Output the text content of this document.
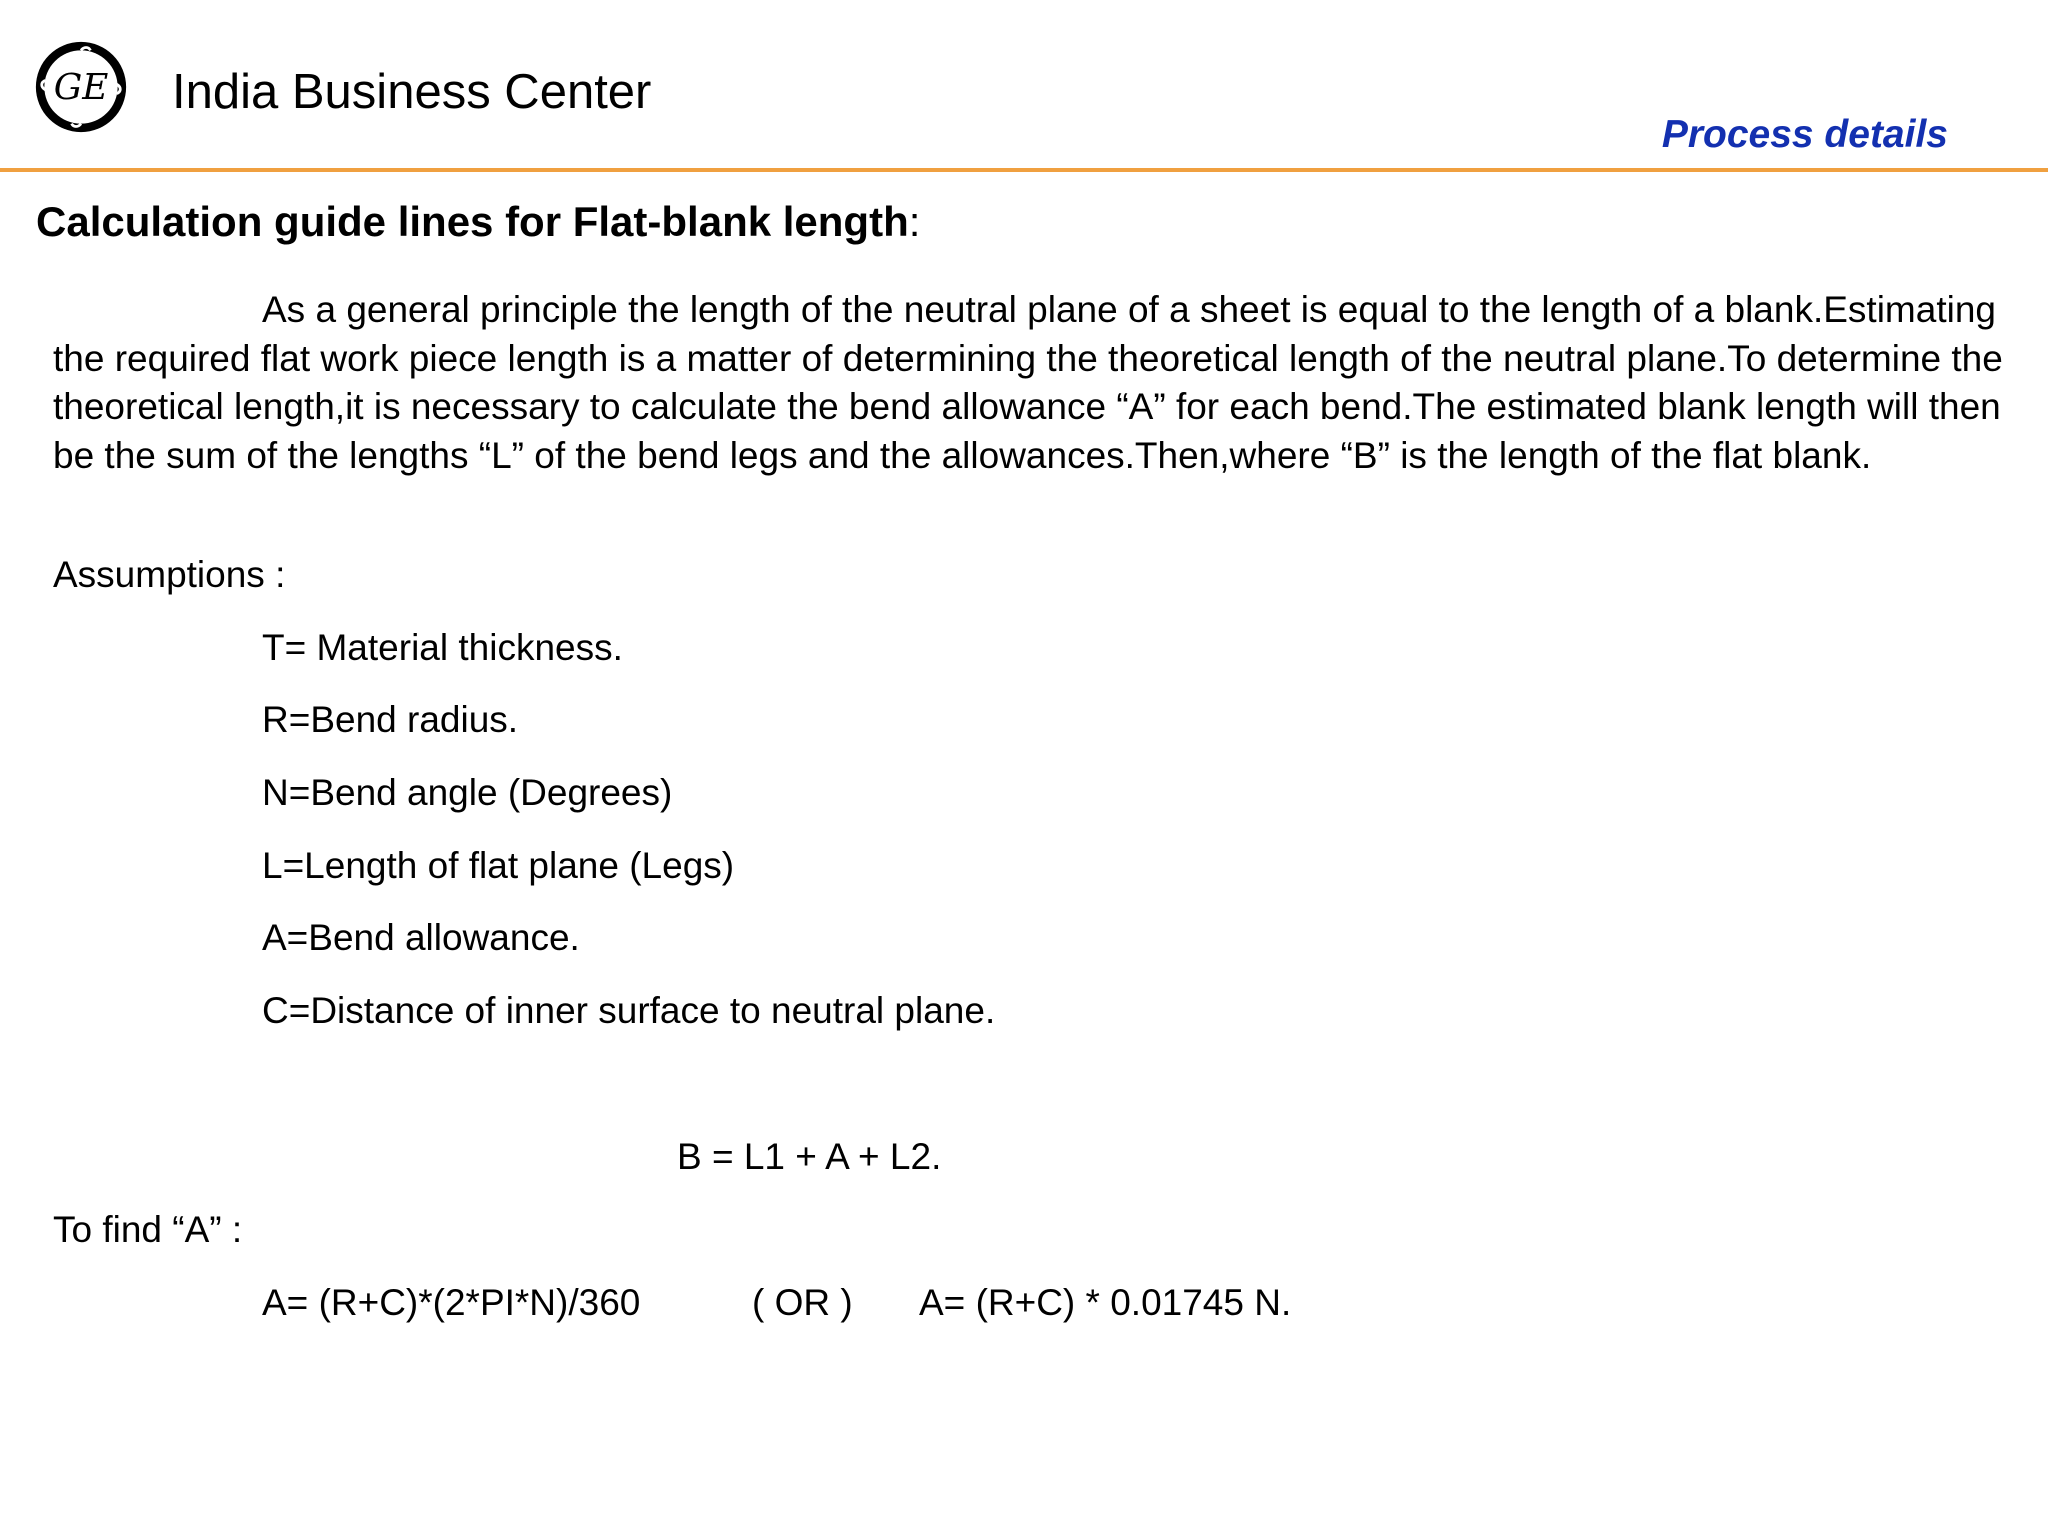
GE India Business Center
Process details
Calculation guide lines for Flat-blank length:

As a general principle the length of the neutral plane of a sheet is equal to the length of a blank.Estimating the required flat work piece length is a matter of determining the theoretical length of the neutral plane.To determine the theoretical length,it is necessary to calculate the bend allowance “A” for each bend.The estimated blank length will then be the sum of the lengths “L” of the bend legs and the allowances.Then,where “B” is the length of the flat blank.

Assumptions :
T= Material thickness.
R=Bend radius.
N=Bend angle (Degrees)
L=Length of flat plane (Legs)
A=Bend allowance.
C=Distance of inner surface to neutral plane.
B = L1 + A + L2.
To find “A” :
A= (R+C)*(2*PI*N)/360	( OR ) A= (R+C) * 0.01745 N.
